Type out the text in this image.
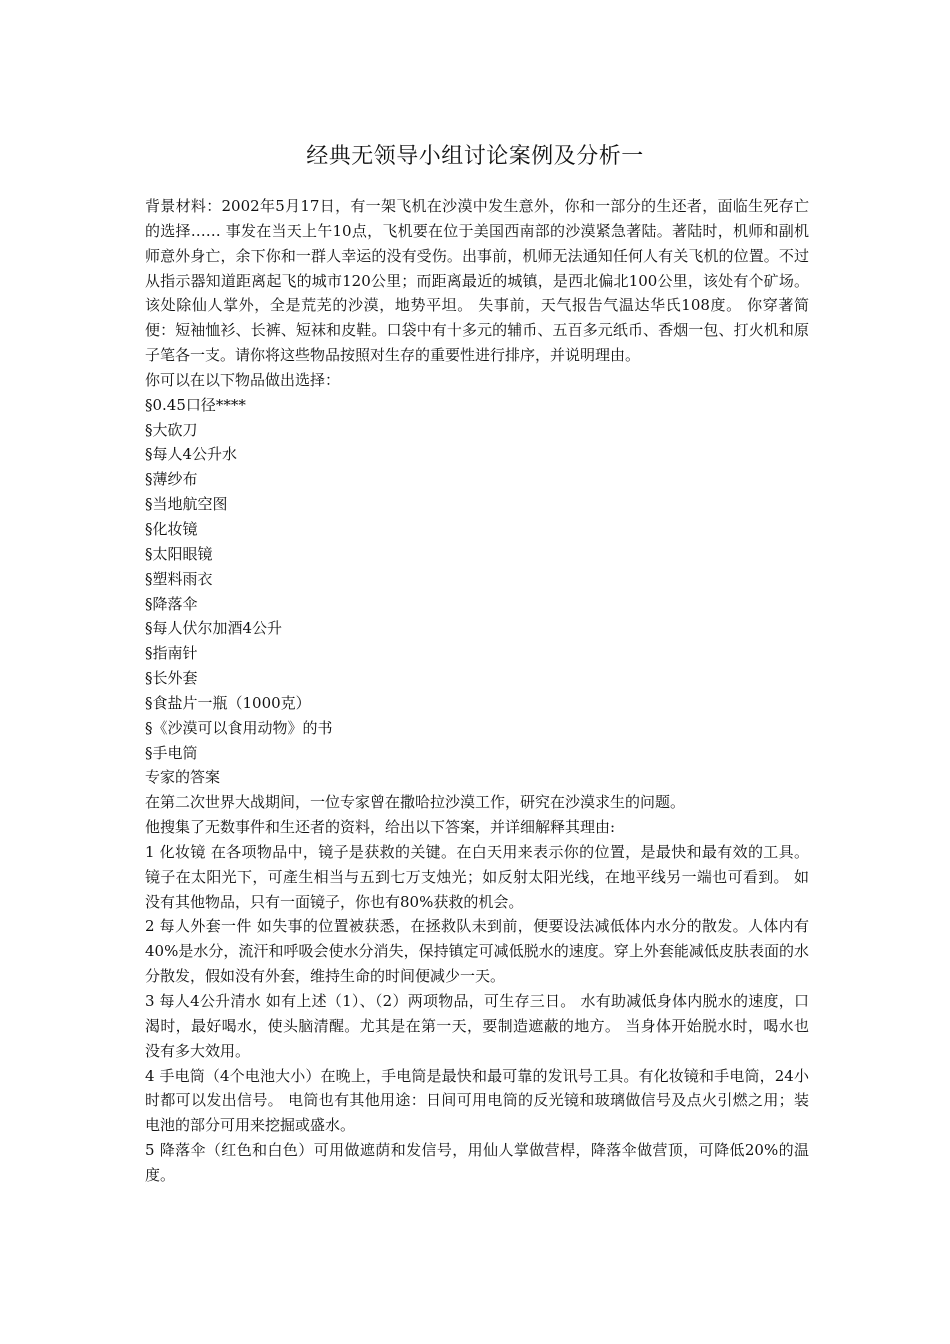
经典无领导小组讨论案例及分析一

背景材料：2002年5月17日，有一架飞机在沙漠中发生意外，你和一部分的生还者，面临生死存亡的选择…… 事发在当天上午10点，飞机要在位于美国西南部的沙漠紧急著陆。著陆时，机师和副机师意外身亡，余下你和一群人幸运的没有受伤。出事前，机师无法通知任何人有关飞机的位置。不过从指示器知道距离起飞的城市120公里；而距离最近的城镇，是西北偏北100公里，该处有个矿场。 该处除仙人掌外，全是荒芜的沙漠，地势平坦。 失事前，天气报告气温达华氏108度。 你穿著简便：短袖恤衫、长裤、短袜和皮鞋。口袋中有十多元的辅币、五百多元纸币、香烟一包、打火机和原子笔各一支。请你将这些物品按照对生存的重要性进行排序，并说明理由。

你可以在以下物品做出选择：

§0.45口径****

§大砍刀

§每人4公升水

§薄纱布

§当地航空图

§化妆镜

§太阳眼镜

§塑料雨衣

§降落伞

§每人伏尔加酒4公升

§指南针

§长外套

§食盐片一瓶（1000克）

§《沙漠可以食用动物》的书

§手电筒

专家的答案

在第二次世界大战期间，一位专家曾在撒哈拉沙漠工作，研究在沙漠求生的问题。

他搜集了无数事件和生还者的资料，给出以下答案，并详细解释其理由:

1 化妆镜 在各项物品中，镜子是获救的关键。在白天用来表示你的位置，是最快和最有效的工具。镜子在太阳光下，可產生相当与五到七万支烛光；如反射太阳光线，在地平线另一端也可看到。 如没有其他物品，只有一面镜子，你也有80%获救的机会。

2 每人外套一件 如失事的位置被获悉，在拯救队未到前，便要设法减低体内水分的散发。人体内有40%是水分，流汗和呼吸会使水分消失，保持镇定可减低脱水的速度。穿上外套能减低皮肤表面的水分散发，假如没有外套，维持生命的时间便减少一天。

3 每人4公升清水 如有上述（1）、（2）两项物品，可生存三日。 水有助减低身体内脱水的速度，口渴时，最好喝水，使头脑清醒。尤其是在第一天，要制造遮蔽的地方。 当身体开始脱水时，喝水也没有多大效用。

4 手电筒（4个电池大小）在晚上，手电筒是最快和最可靠的发讯号工具。有化妆镜和手电筒，24小时都可以发出信号。 电筒也有其他用途：日间可用电筒的反光镜和玻璃做信号及点火引燃之用；装电池的部分可用来挖掘或盛水。

5 降落伞（红色和白色）可用做遮荫和发信号，用仙人掌做营桿，降落伞做营顶，可降低20%的温度。
